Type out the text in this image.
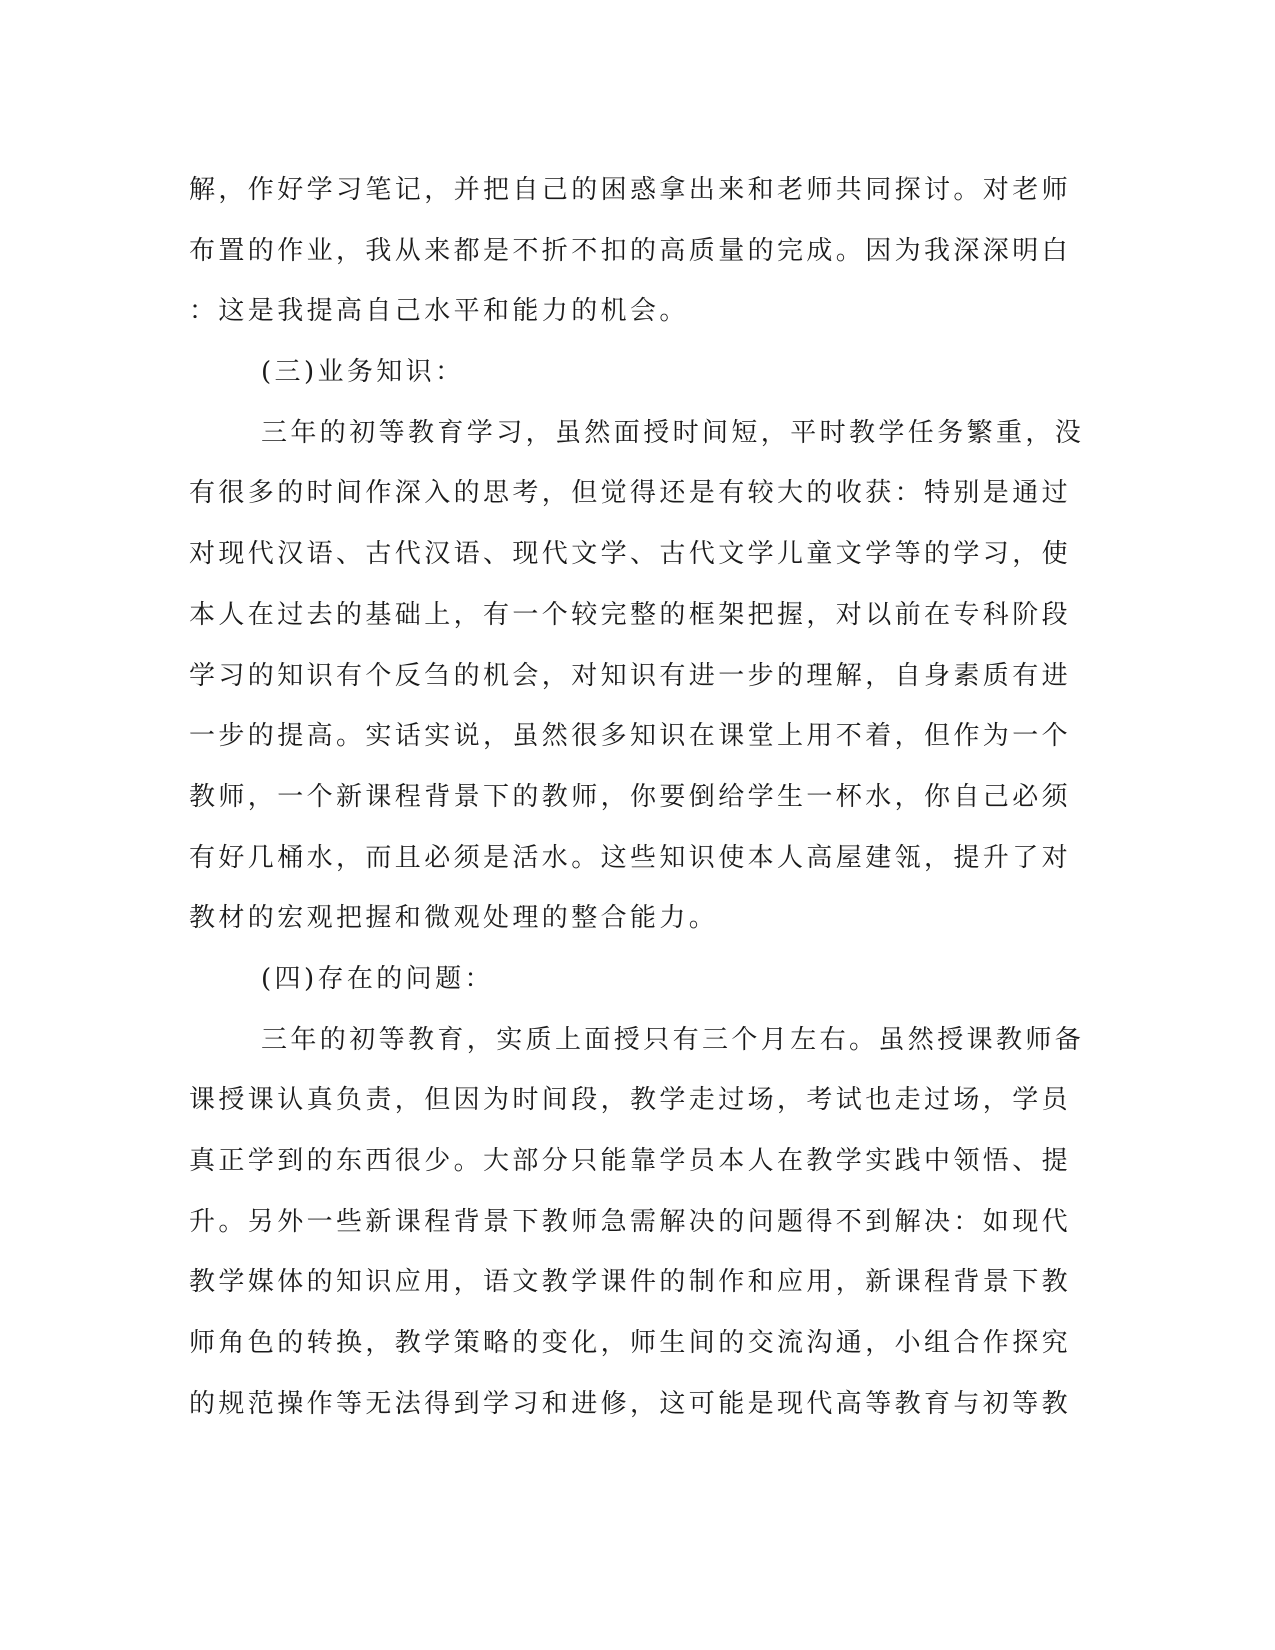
解，作好学习笔记，并把自己的困惑拿出来和老师共同探讨。对老师
布置的作业，我从来都是不折不扣的高质量的完成。因为我深深明白
：这是我提高自己水平和能力的机会。
(三)业务知识：
三年的初等教育学习，虽然面授时间短，平时教学任务繁重，没
有很多的时间作深入的思考，但觉得还是有较大的收获：特别是通过
对现代汉语、古代汉语、现代文学、古代文学儿童文学等的学习，使
本人在过去的基础上，有一个较完整的框架把握，对以前在专科阶段
学习的知识有个反刍的机会，对知识有进一步的理解，自身素质有进
一步的提高。实话实说，虽然很多知识在课堂上用不着，但作为一个
教师，一个新课程背景下的教师，你要倒给学生一杯水，你自己必须
有好几桶水，而且必须是活水。这些知识使本人高屋建瓴，提升了对
教材的宏观把握和微观处理的整合能力。
(四)存在的问题：
三年的初等教育，实质上面授只有三个月左右。虽然授课教师备
课授课认真负责，但因为时间段，教学走过场，考试也走过场，学员
真正学到的东西很少。大部分只能靠学员本人在教学实践中领悟、提
升。另外一些新课程背景下教师急需解决的问题得不到解决：如现代
教学媒体的知识应用，语文教学课件的制作和应用，新课程背景下教
师角色的转换，教学策略的变化，师生间的交流沟通，小组合作探究
的规范操作等无法得到学习和进修，这可能是现代高等教育与初等教
